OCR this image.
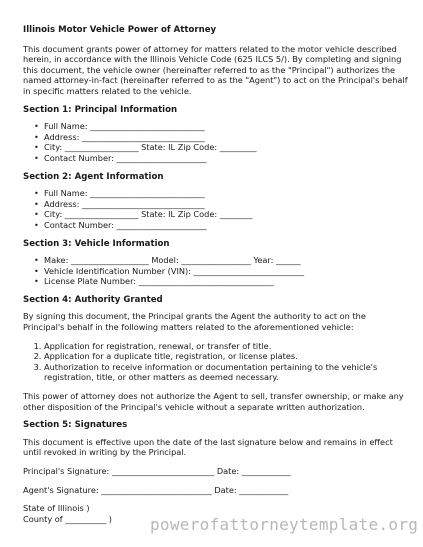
Illinois Motor Vehicle Power of Attorney

This document grants power of attorney for matters related to the motor vehicle described herein, in accordance with the Illinois Vehicle Code (625 ILCS 5/). By completing and signing this document, the vehicle owner (hereinafter referred to as the "Principal") authorizes the named attorney-in-fact (hereinafter referred to as the "Agent") to act on the Principal's behalf in specific matters related to the vehicle.

Section 1: Principal Information
• Full Name: ____________________________
• Address: ______________________________
• City: __________________ State: IL Zip Code: _________
• Contact Number: ______________________
Section 2: Agent Information
• Full Name: ____________________________
• Address: ______________________________
• City: __________________ State: IL Zip Code: ________
• Contact Number: ______________________
Section 3: Vehicle Information
• Make: ___________________ Model: _________________ Year: ______
• Vehicle Identification Number (VIN): ___________________________
• License Plate Number: _________________________________
Section 4: Authority Granted

By signing this document, the Principal grants the Agent the authority to act on the Principal's behalf in the following matters related to the aforementioned vehicle:

1. Application for registration, renewal, or transfer of title.
2. Application for a duplicate title, registration, or license plates.
3. Authorization to receive information or documentation pertaining to the vehicle's registration, title, or other matters as deemed necessary.

This power of attorney does not authorize the Agent to sell, transfer ownership, or make any other disposition of the Principal's vehicle without a separate written authorization.

Section 5: Signatures

This document is effective upon the date of the last signature below and remains in effect until revoked in writing by the Principal.

Principal's Signature: _________________________ Date: ____________
Agent's Signature: ___________________________ Date: ____________
State of Illinois )
County of __________ )	powerofattorneytemplate.org
